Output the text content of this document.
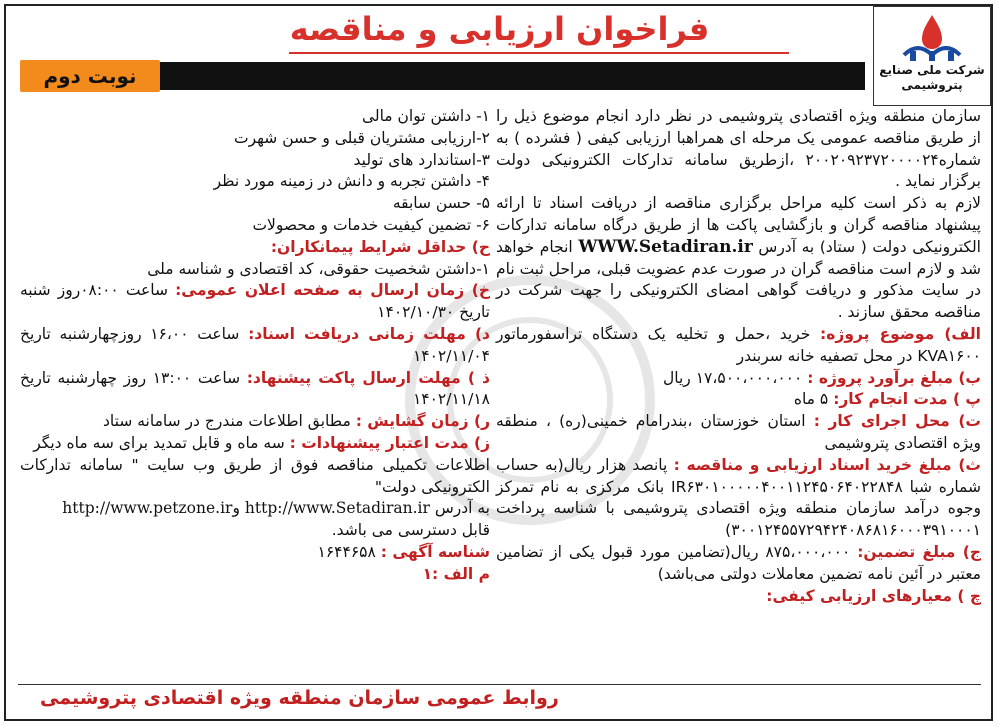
شرکت ملی صنایع
پتروشیمی
فراخوان ارزیابی و مناقصه
نوبت دوم

سازمان منطقه ویژه اقتصادی پتروشیمی در نظر دارد انجام موضوع ذیل را از طریق مناقصه عمومی یک مرحله ای همراهبا ارزیابی کیفی ( فشرده ) به شماره۲۰۰۲۰۹۲۳۷۲۰۰۰۰۲۴ ،ازطریق سامانه تدارکات الکترونیکی دولت برگزار نماید .

لازم به ذکر است کلیه مراحل برگزاری مناقصه از دریافت اسناد تا ارائه پیشنهاد مناقصه گران و بازگشایی پاکت ها از طریق درگاه سامانه تدارکات الکترونیکی دولت ( ستاد) به آدرس WWW.Setadiran.ir انجام خواهد شد و لازم است مناقصه گران در صورت عدم عضویت قبلی، مراحل ثبت نام در سایت مذکور و دریافت گواهی امضای الکترونیکی را جهت شرکت در مناقصه محقق سازند .

الف) موضوع پروژه: خرید ،حمل و تخلیه یک دستگاه تراسفورماتور KVA۱۶۰۰ در محل تصفیه خانه سربندر

ب) مبلغ برآورد پروژه : ۱۷،۵۰۰،۰۰۰،۰۰۰ ریال

پ ) مدت انجام کار: ۵ ماه

ت) محل اجرای کار : استان خوزستان ،بندرامام خمینی(ره) ، منطقه ویژه اقتصادی پتروشیمی

ث) مبلغ خرید اسناد ارزیابی و مناقصه : پانصد هزار ریال(به حساب شماره شبا IR۶۳۰۱۰۰۰۰۰۴۰۰۱۱۲۴۵۰۶۴۰۲۲۸۴۸ بانک مرکزی به نام تمرکز وجوه درآمد سازمان منطقه ویژه اقتصادی پتروشیمی با شناسه پرداخت ۳۰۰۱۲۴۵۵۷۲۹۴۲۴۰۸۶۸۱۶۰۰۰۳۹۱۰۰۰۱)

ج) مبلغ تضمین: ۸۷۵،۰۰۰،۰۰۰ ریال(تضامین مورد قبول یکی از تضامین معتبر در آئین نامه تضمین معاملات دولتی می‌باشد)

چ ) معیارهای ارزیابی کیفی:

۱- داشتن توان مالی

۲-ارزیابی مشتریان قبلی و حسن شهرت

۳-استاندارد های تولید

۴- داشتن تجربه و دانش در زمینه مورد نظر

۵- حسن سابقه

۶- تضمین کیفیت خدمات و محصولات

ح) حداقل شرایط پیمانکاران:

۱-داشتن شخصیت حقوقی، کد اقتصادی و شناسه ملی

خ) زمان ارسال به صفحه اعلان عمومی: ساعت ۰۸:۰۰روز شنبه تاریخ ۱۴۰۲/۱۰/۳۰

د) مهلت زمانی دریافت اسناد: ساعت ۱۶،۰۰ روزچهارشنبه تاریخ ۱۴۰۲/۱۱/۰۴

ذ ) مهلت ارسال پاکت پیشنهاد: ساعت ۱۳:۰۰ روز چهارشنبه تاریخ ۱۴۰۲/۱۱/۱۸

ر) زمان گشایش : مطابق اطلاعات مندرج در سامانه ستاد

ز) مدت اعتبار پیشنهادات : سه ماه و قابل تمدید برای سه ماه دیگر

اطلاعات تکمیلی مناقصه فوق از طریق وب سایت " سامانه تدارکات الکترونیکی دولت"

به آدرس http://www.Setadiran.ir وhttp://www.petzone.ir

قابل دسترسی می باشد.

شناسه آگهی : ۱۶۴۴۶۵۸

م الف :۱

روابط عمومی سازمان منطقه ویژه اقتصادی پتروشیمی
